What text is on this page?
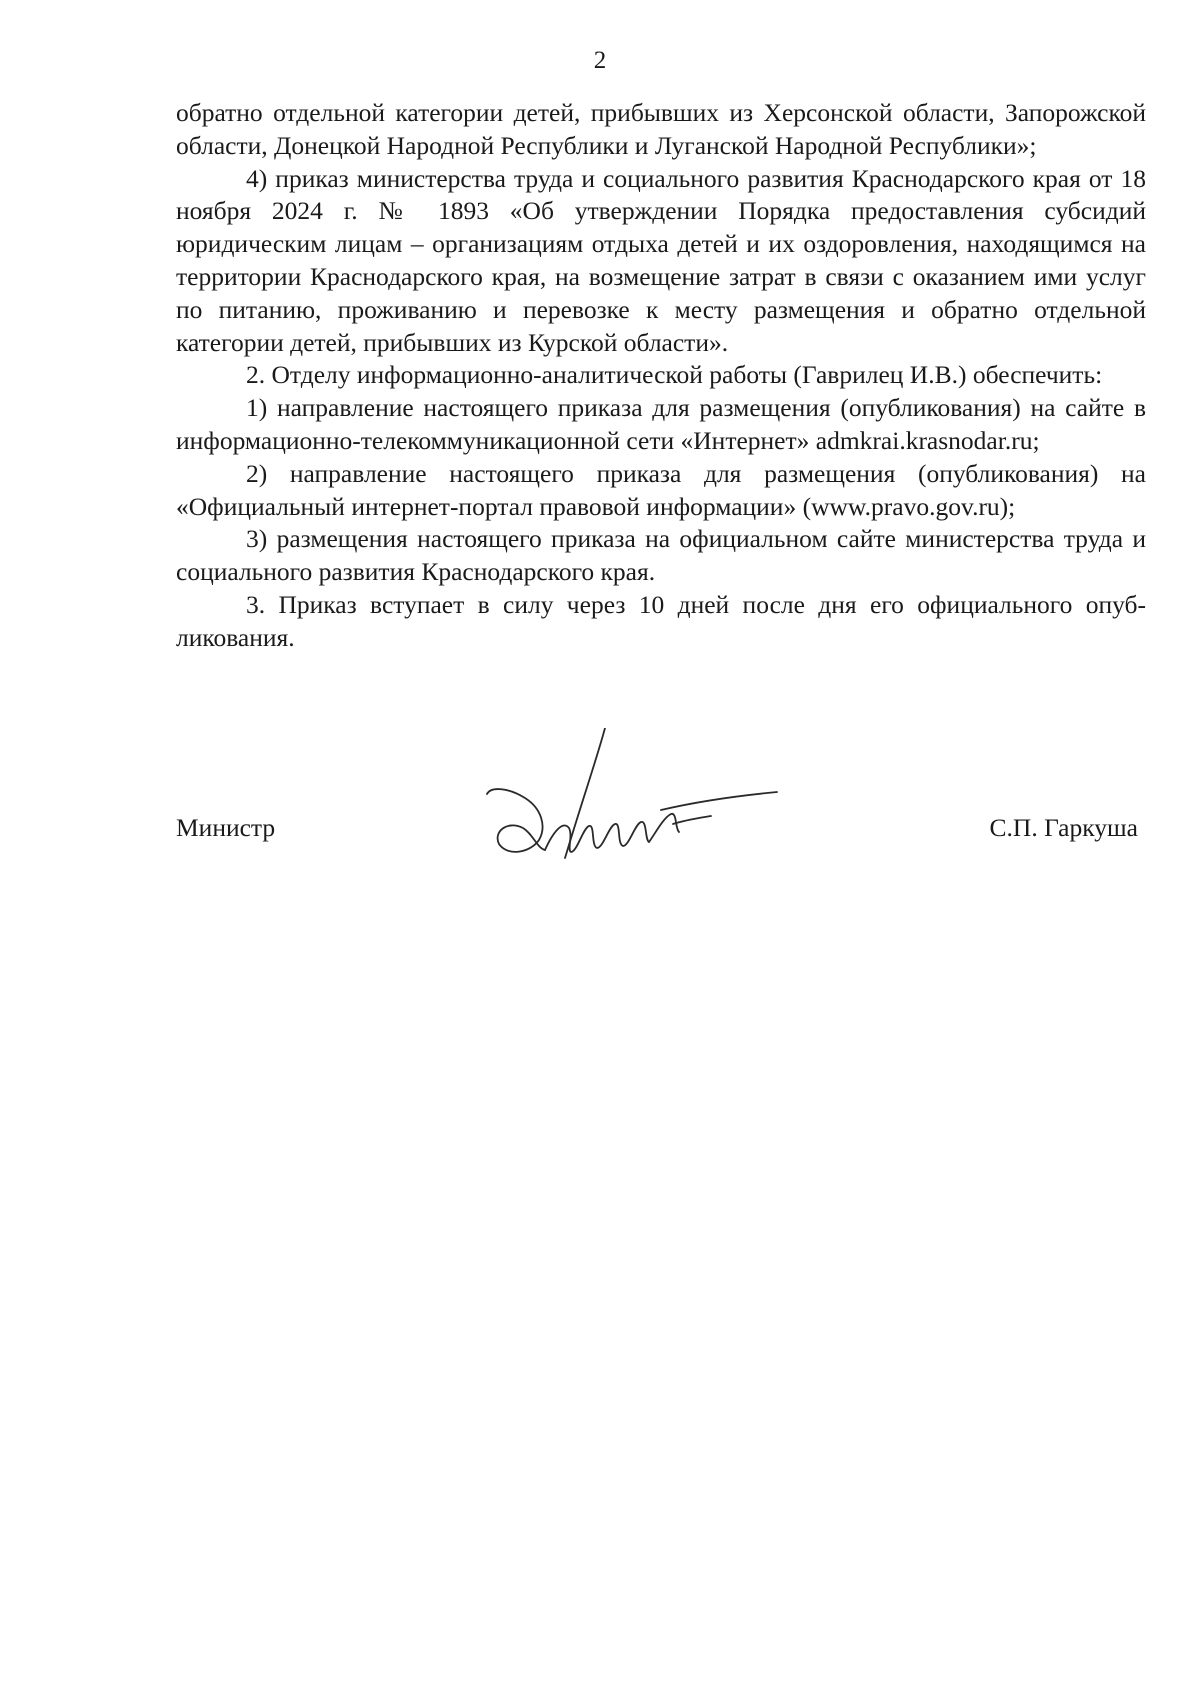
2

обратно отдельной категории детей, прибывших из Херсонской области, Запорожской области, Донецкой Народной Республики и Луганской Народной Республики»;

4) приказ министерства труда и социального развития Краснодарского края от 18 ноября 2024 г. № 1893 «Об утверждении Порядка предоставления субсидий юридическим лицам – организациям отдыха детей и их оздоровления, находящимся на территории Краснодарского края, на возмещение затрат в связи с оказанием ими услуг по питанию, проживанию и перевозке к месту размещения и обратно отдельной категории детей, прибывших из Курской области».

2. Отделу информационно-аналитической работы (Гаврилец И.В.) обеспечить:

1) направление настоящего приказа для размещения (опубликования) на сайте в информационно-телекоммуникационной сети «Интернет» admkrai.krasnodar.ru;

2) направление настоящего приказа для размещения (опубликования) на «Официальный интернет-портал правовой информации» (www.pravo.gov.ru);

3) размещения настоящего приказа на официальном сайте министерства труда и социального развития Краснодарского края.

3. Приказ вступает в силу через 10 дней после дня его официального опубликования.

Министр	С.П. Гаркуша
